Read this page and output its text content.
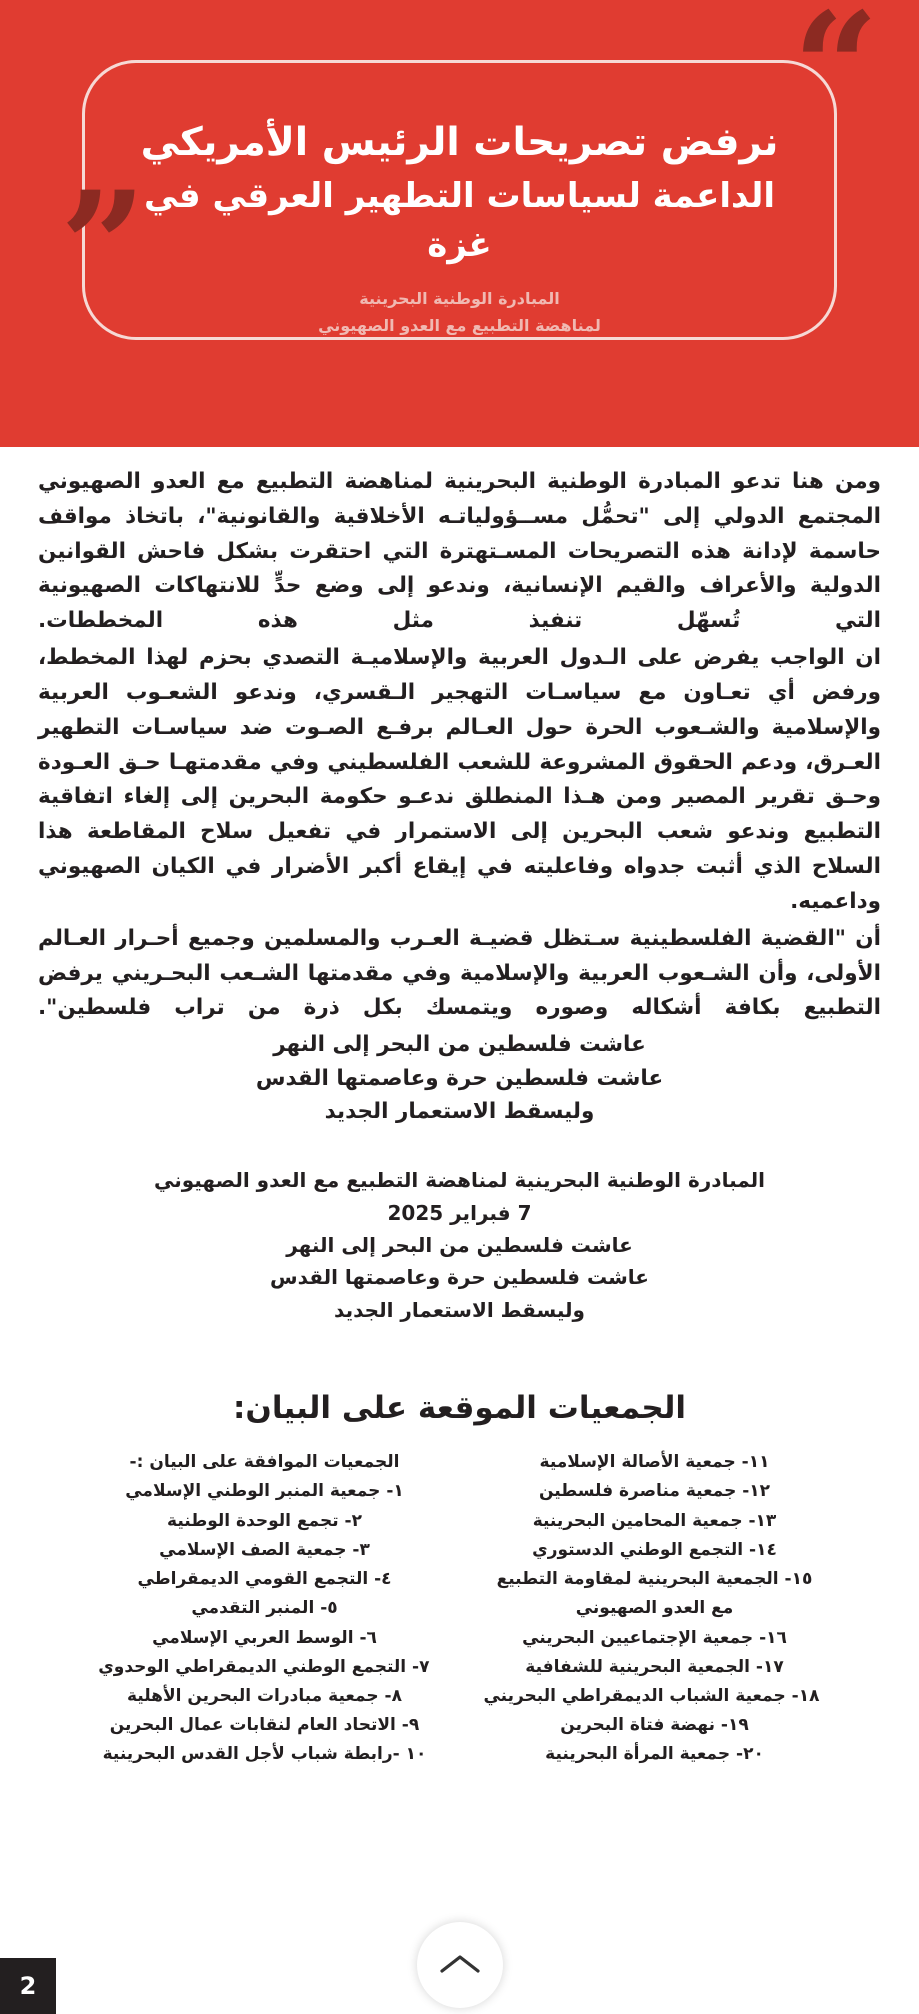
“
نرفض تصريحات الرئيس الأمريكي
الداعمة لسياسات التطهير العرقي في غزة
”	المبادرة الوطنية البحرينية
لمناهضة التطبيع مع العدو الصهيوني

ومن هنا تدعو المبادرة الوطنية البحرينية لمناهضة التطبيع مع العدو الصهيوني المجتمع الدولي إلى "تحمُّل مســؤولياتـه الأخلاقية والقانونية"، باتخاذ مواقف حاسمة لإدانة هذه التصريحات المسـتهترة التي احتقرت بشكل فاحش القوانين الدولية والأعراف والقيم الإنسانية، وندعو إلى وضع حدٍّ للانتهاكات الصهيونية التي تُسهّل تنفيذ مثل هذه المخططات.

ان الواجب يفرض على الـدول العربية والإسلاميـة التصدي بحزم لهذا المخطط، ورفض أي تعـاون مع سياسـات التهجير الـقسري، وندعو الشعـوب العربية والإسلامية والشـعوب الحرة حول العـالم برفـع الصـوت ضد سياسـات التطهير العـرق، ودعم الحقوق المشروعة للشعب الفلسطيني وفي مقدمتهـا حـق العـودة وحـق تقرير المصير ومن هـذا المنطلق ندعـو حكومة البحرين إلى إلغاء اتفاقية التطبيع وندعو شعب البحرين إلى الاستمرار في تفعيل سلاح المقاطعة هذا السلاح الذي أثبت جدواه وفاعليته في إيقاع أكبر الأضرار في الكيان الصهيوني وداعميه.

أن "القضية الفلسطينية سـتظل قضيـة العـرب والمسلمين وجميع أحـرار العـالم الأولى، وأن الشـعوب العربية والإسلامية وفي مقدمتها الشـعب البحـريني يرفض التطبيع بكافة أشكاله وصوره ويتمسك بكل ذرة من تراب فلسطين".

عاشت فلسطين من البحر إلى النهر

عاشت فلسطين حرة وعاصمتها القدس

وليسقط الاستعمار الجديد

المبادرة الوطنية البحرينية لمناهضة التطبيع مع العدو الصهيوني

7 فبراير 2025

عاشت فلسطين من البحر إلى النهر

عاشت فلسطين حرة وعاصمتها القدس

وليسقط الاستعمار الجديد

الجمعيات الموقعة على البيان:
١١- جمعية الأصالة الإسلامية
١٢- جمعية مناصرة فلسطين
١٣- جمعية المحامين البحرينية
١٤- التجمع الوطني الدستوري
١٥- الجمعية البحرينية لمقاومة التطبيع
مع العدو الصهيوني
١٦- جمعية الإجتماعيين البحريني
١٧- الجمعية البحرينية للشفافية
١٨- جمعية الشباب الديمقراطي البحريني
١٩- نهضة فتاة البحرين
٢٠- جمعية المرأة البحرينية
الجمعيات الموافقة على البيان :-
١- جمعية المنبر الوطني الإسلامي
٢- تجمع الوحدة الوطنية
٣- جمعية الصف الإسلامي
٤- التجمع القومي الديمقراطي
٥- المنبر التقدمي
٦- الوسط العربي الإسلامي
٧- التجمع الوطني الديمقراطي الوحدوي
٨- جمعية مبادرات البحرين الأهلية
٩- الاتحاد العام لنقابات عمال البحرين
١٠ -رابطة شباب لأجل القدس البحرينية
2
